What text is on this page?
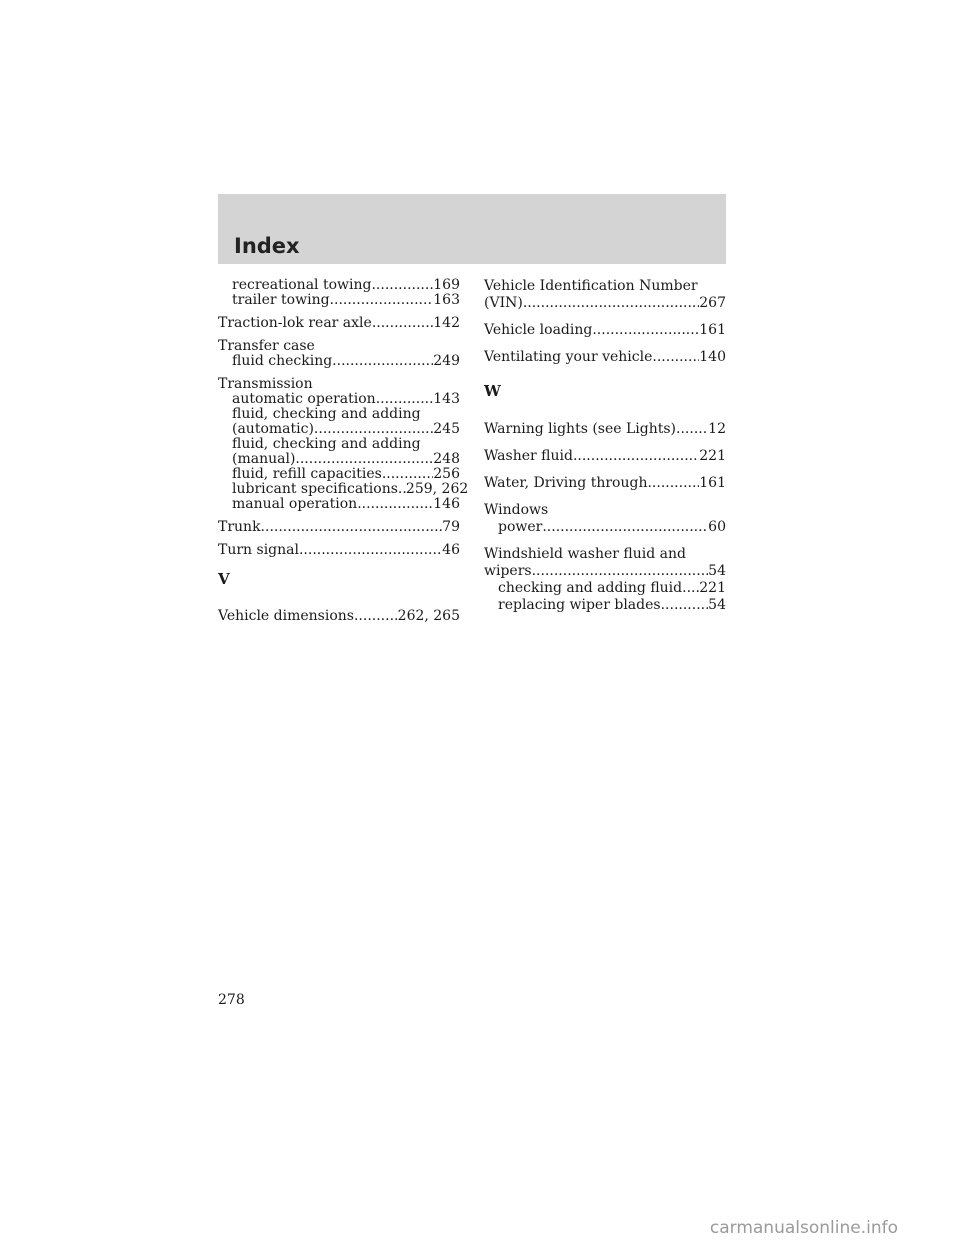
Index
recreational towing .....	169
trailer towing .....	163
Traction-lok rear axle .....	142
Transfer case
fluid checking .....	249
Transmission
automatic operation .....	143
fluid, checking and adding
(automatic) .....	245
fluid, checking and adding
(manual) .....	248
fluid, refill capacities .....	256
lubricant specifications ..... 259, 262
manual operation .....	146
Trunk .....	79
Turn signal .....	46
V
Vehicle dimensions .....	262, 265
Vehicle Identification Number
(VIN) .....	267
Vehicle loading .....	161
Ventilating your vehicle .....	140
W
Warning lights (see Lights) ..... 12
Washer fluid .....	221
Water, Driving through .....	161
Windows
power .....	60
Windshield washer fluid and
wipers .....	54
checking and adding fluid ..... 221
replacing wiper blades .....	54
278
carmanualsonline.info
